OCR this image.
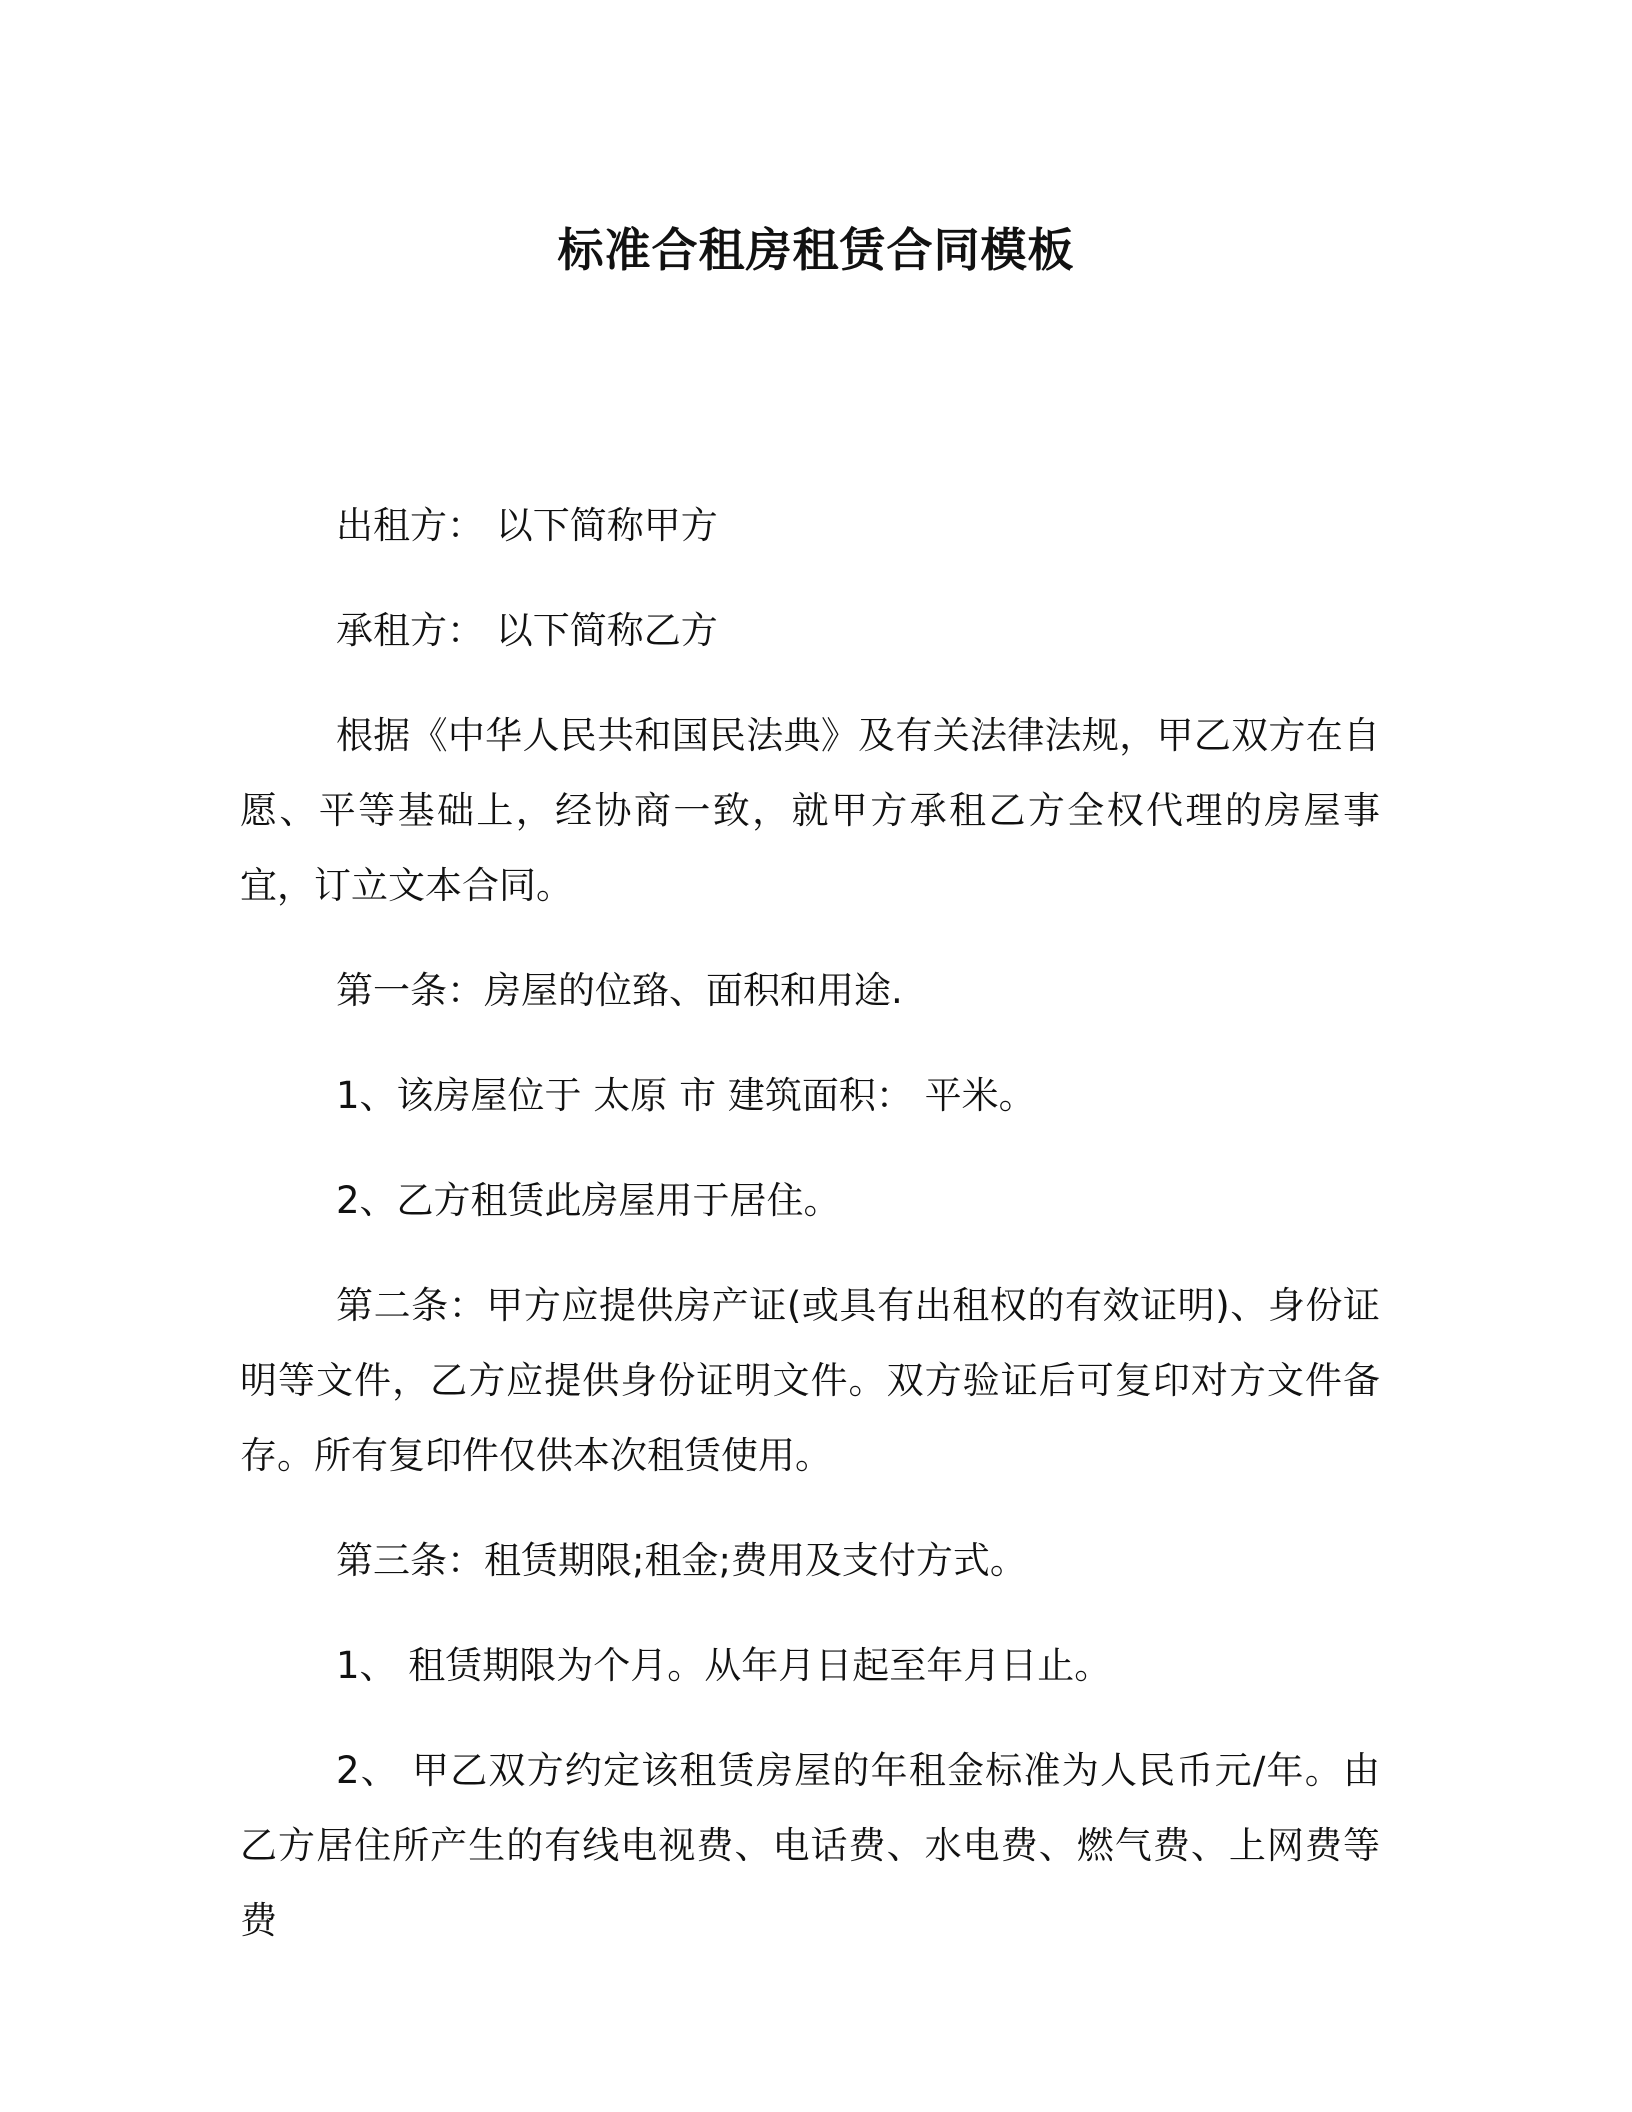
标准合租房租赁合同模板

出租方： 以下简称甲方

承租方： 以下简称乙方

根据《中华人民共和国民法典》及有关法律法规，甲乙双方在自愿、平等基础上，经协商一致，就甲方承租乙方全权代理的房屋事宜，订立文本合同。

第一条：房屋的位臵、面积和用途.

1、该房屋位于 太原 市 建筑面积： 平米。

2、乙方租赁此房屋用于居住。

第二条：甲方应提供房产证(或具有出租权的有效证明)、身份证明等文件，乙方应提供身份证明文件。双方验证后可复印对方文件备存。所有复印件仅供本次租赁使用。

第三条：租赁期限;租金;费用及支付方式。

1、 租赁期限为个月。从年月日起至年月日止。

2、 甲乙双方约定该租赁房屋的年租金标准为人民币元/年。由乙方居住所产生的有线电视费、电话费、水电费、燃气费、上网费等费
